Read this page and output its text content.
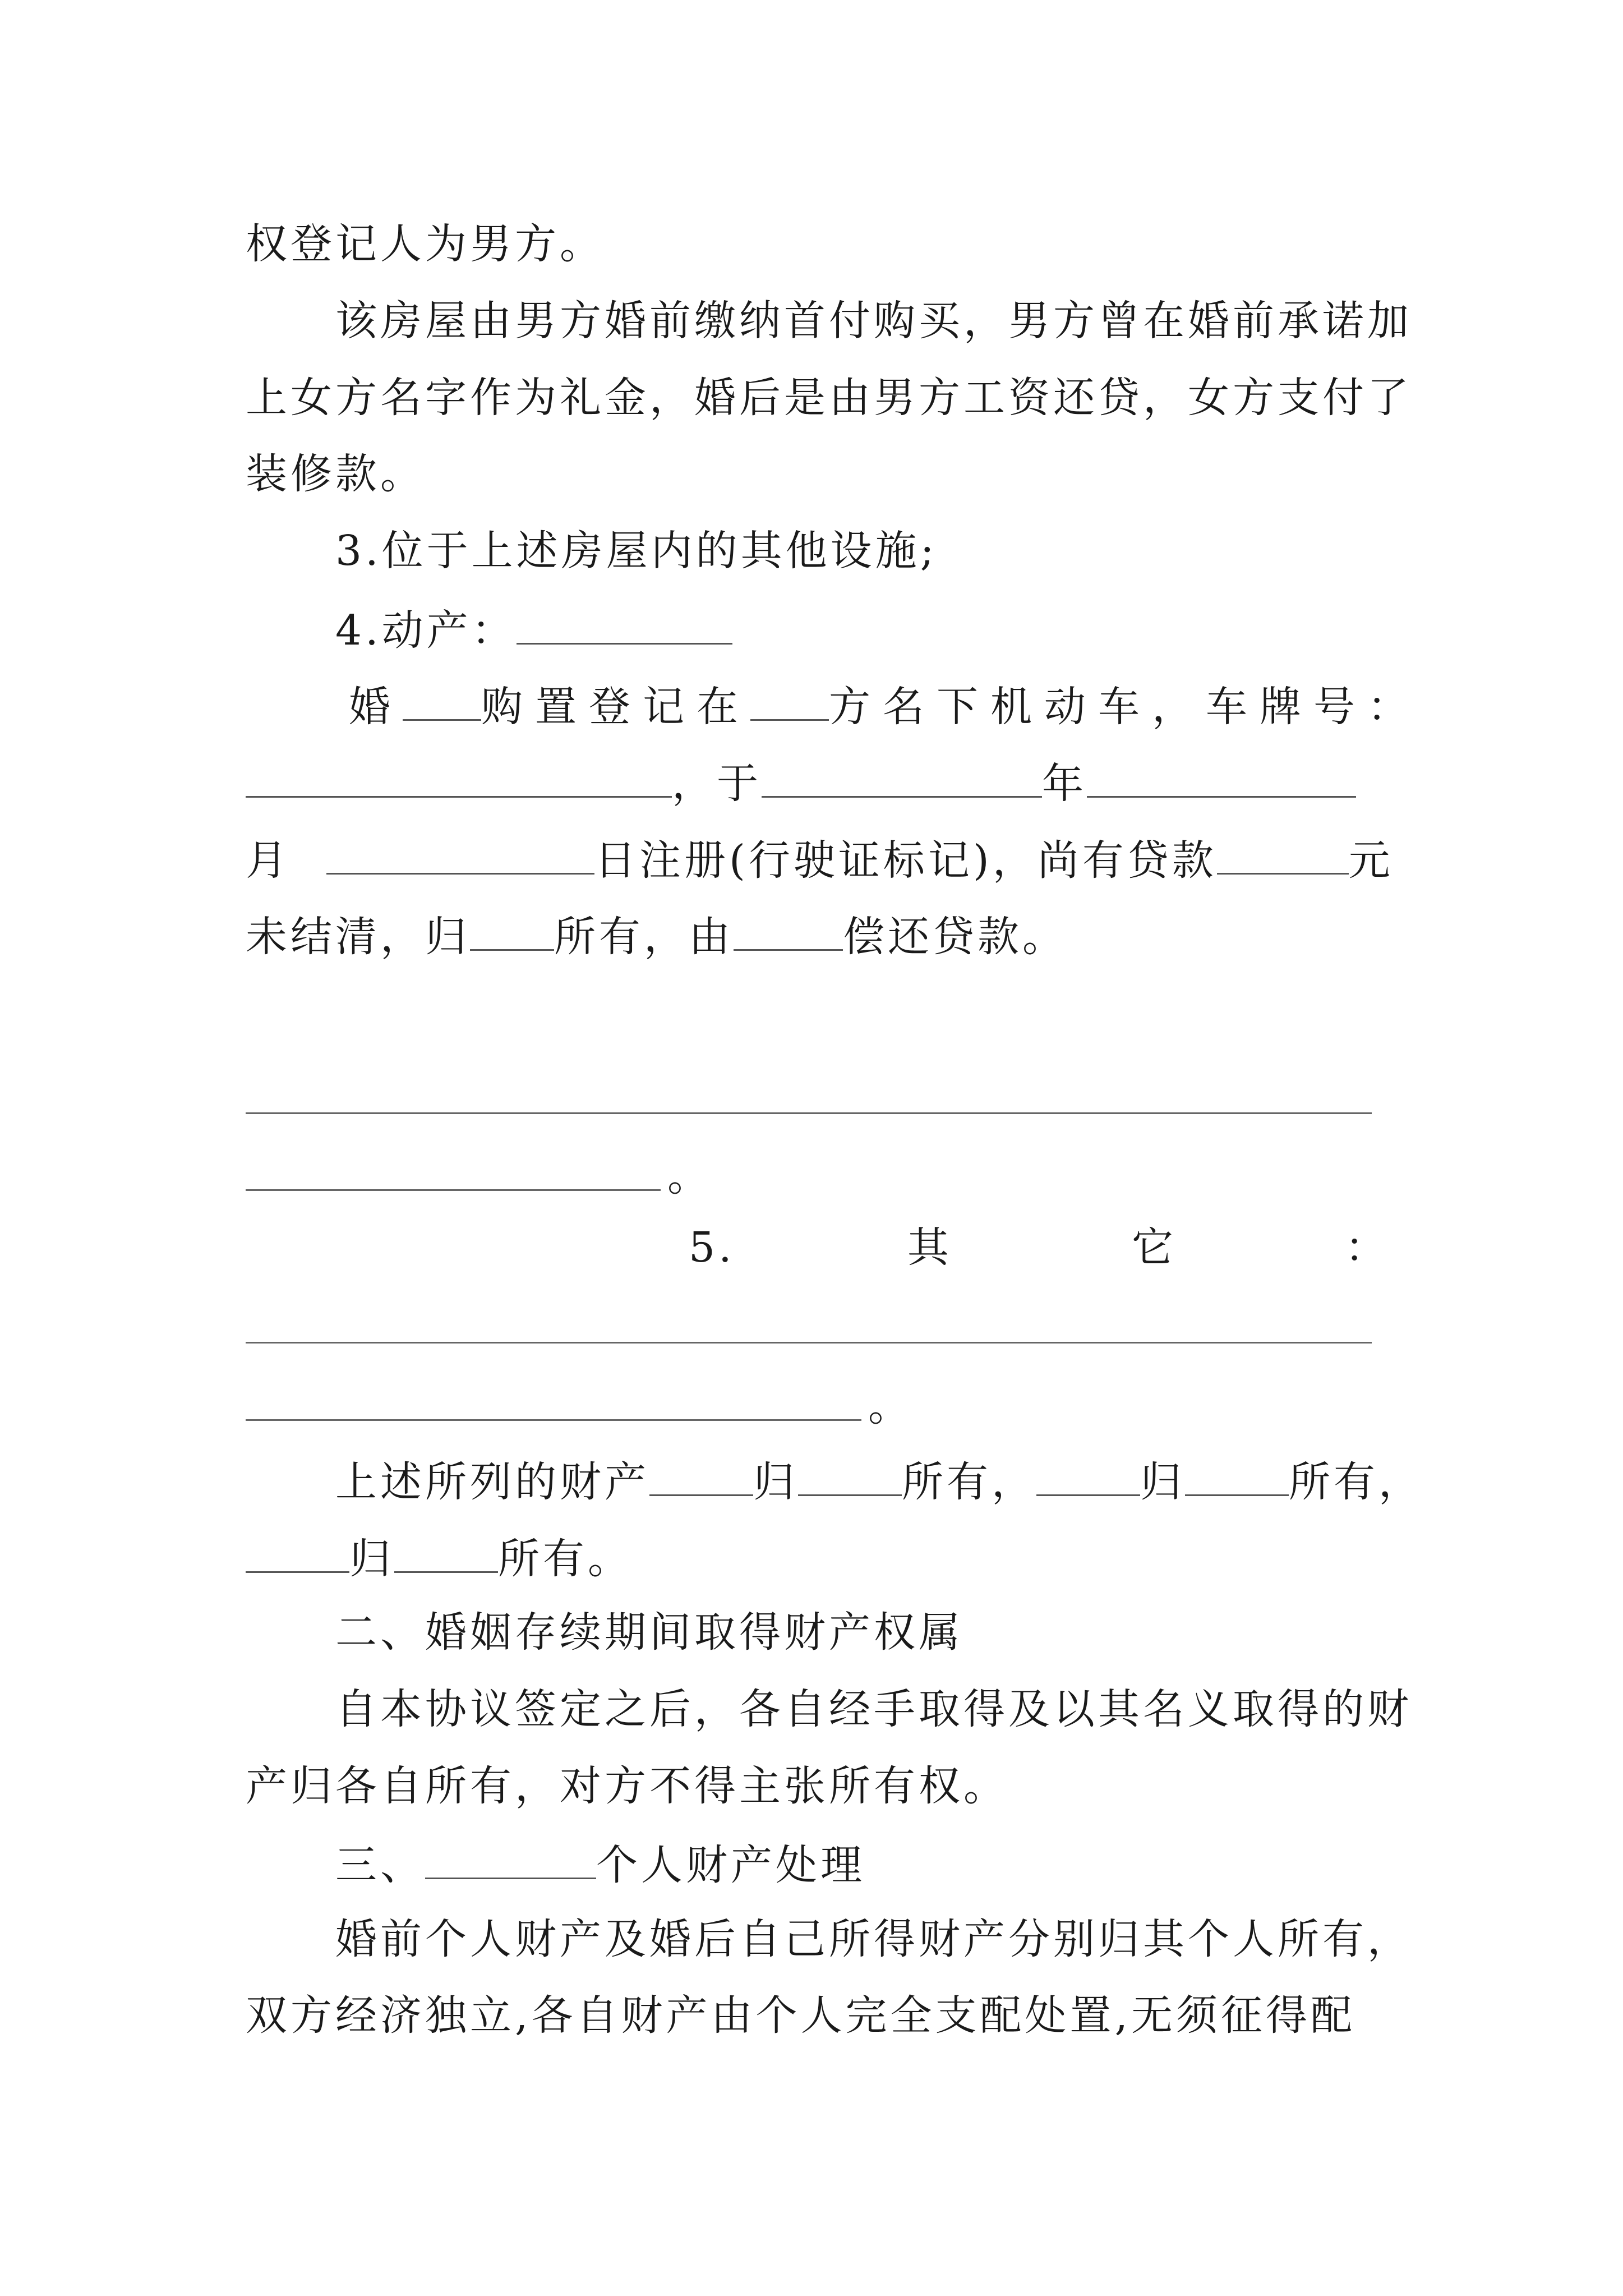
权登记人为男方。
该房屋由男方婚前缴纳首付购买，男方曾在婚前承诺加
上女方名字作为礼金，婚后是由男方工资还贷，女方支付了
装修款。
3.位于上述房屋内的其他设施;
4.动产：
婚 购置登记在 方名下机动车，车牌号：
，于	年
月	日注册(行驶证标记)，尚有贷款	元
未结清，归 所有，由	偿还贷款。
。
5.	其	它	：
。
上述所列的财产	归	所有，	归	所有，
归	所有。
二、婚姻存续期间取得财产权属
自本协议签定之后，各自经手取得及以其名义取得的财
产归各自所有，对方不得主张所有权。
三、	个人财产处理
婚前个人财产及婚后自己所得财产分别归其个人所有，
双方经济独立,各自财产由个人完全支配处置,无须征得配
